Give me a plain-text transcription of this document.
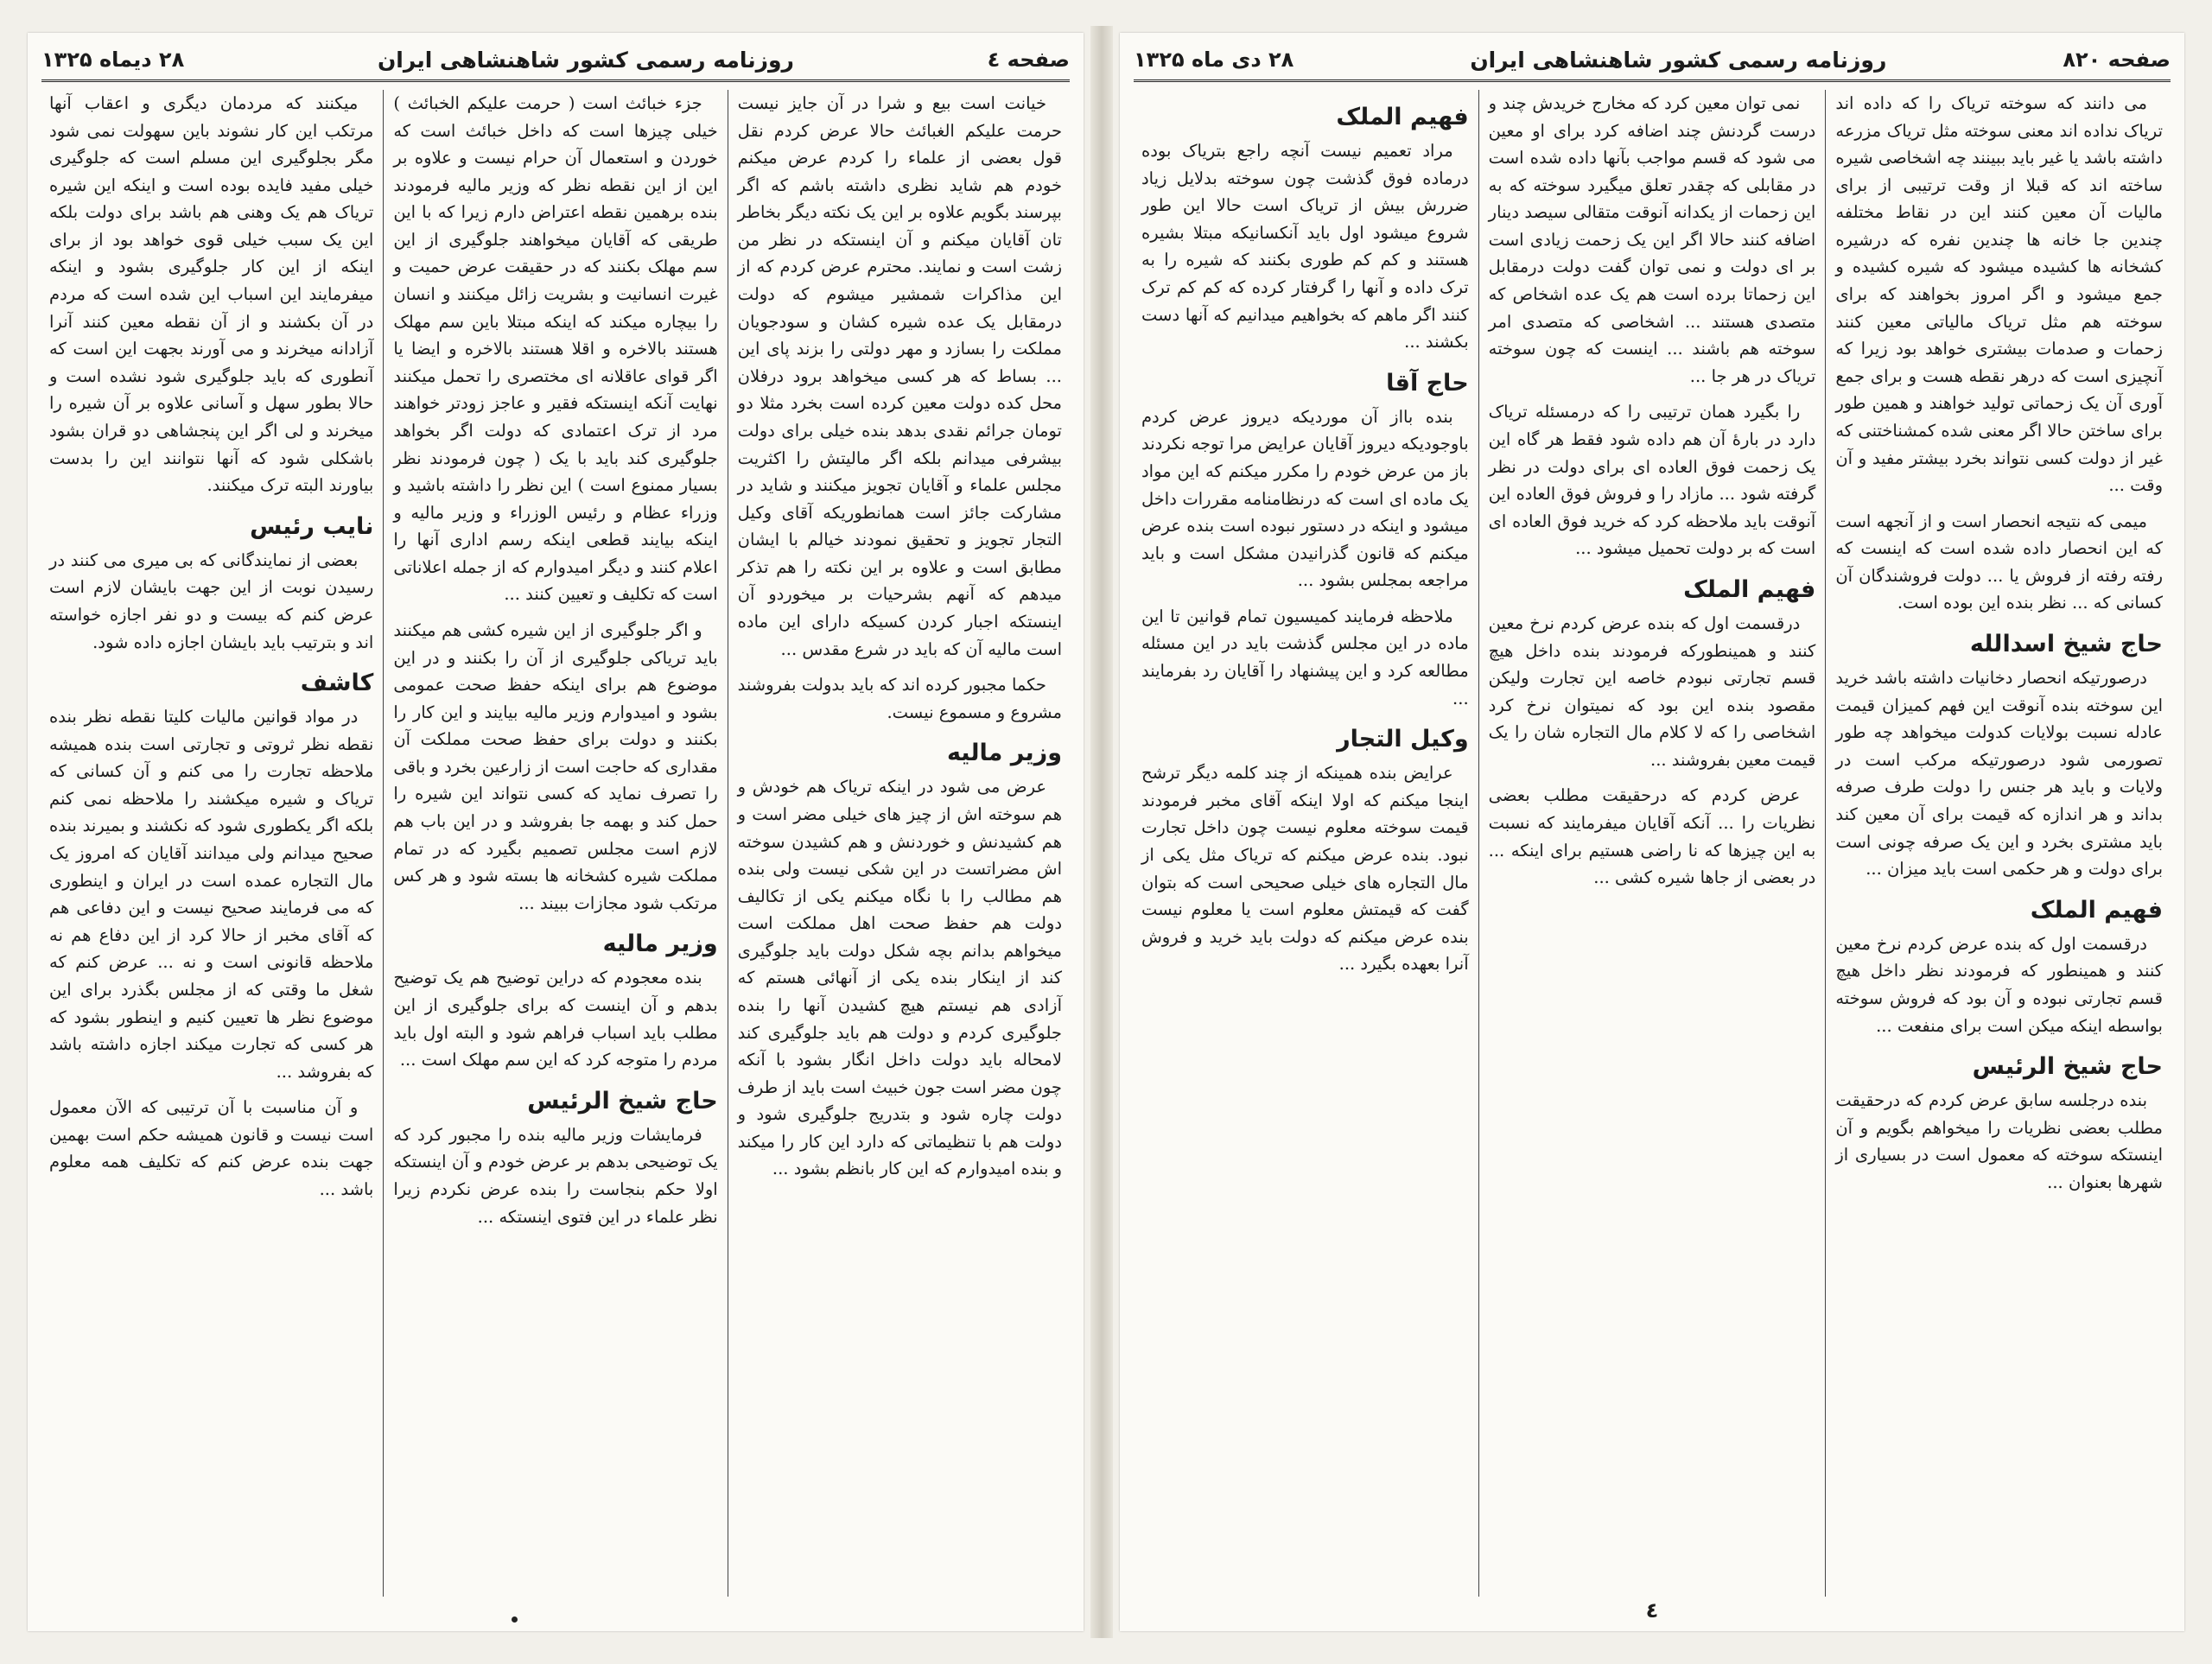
صفحه ٤
روزنامه رسمی کشور شاهنشاهی ایران
۲۸ دیماه ۱۳۲۵

خیانت است بیع و شرا در آن جایز نیست حرمت علیکم الغبائث حالا عرض کردم نقل قول بعضی از علماء را کردم عرض میکنم خودم هم شاید نظری داشته باشم که اگر بپرسند بگویم علاوه بر این یک نکته دیگر بخاطر تان آقایان میکنم و آن اینستکه در نظر من زشت است و نمایند. محترم عرض کردم که از این مذاکرات شمشیر میشوم که دولت درمقابل یک عده شیره کشان و سودجویان مملکت را بسازد و مهر دولتی را بزند پای این ... بساط که هر کسی میخواهد برود درفلان محل کده دولت معین کرده است بخرد مثلا دو تومان جرائم نقدی بدهد بنده خیلی برای دولت بیشرفی میدانم بلکه اگر مالیتش را اکثریت مجلس علماء و آقایان تجویز میکنند و شاید در مشارکت جائز است همانطوریکه آقای وکیل التجار تجویز و تحقیق نمودند خیالم با ایشان مطابق است و علاوه بر این نکته را هم تذکر میدهم که آنهم بشرحیات بر میخوردو آن اینستکه اجبار کردن کسیکه دارای این ماده است مالیه آن که باید در شرع مقدس ...

حکما مجبور کرده اند که باید بدولت بفروشند مشروع و مسموع نیست.

وزیر مالیه

عرض می شود در اینکه تریاک هم خودش و هم سوخته اش از چیز های خیلی مضر است و هم کشیدنش و خوردنش و هم کشیدن سوخته اش مضراتست در این شکی نیست ولی بنده هم مطالب را با نگاه میکنم یکی از تکالیف دولت هم حفظ صحت اهل مملکت است میخواهم بدانم بچه شکل دولت باید جلوگیری کند از اینکار بنده یکی از آنهائی هستم که آزادی هم نیستم هیچ کشیدن آنها را بنده جلوگیری کردم و دولت هم باید جلوگیری کند لامحاله باید دولت داخل انگار بشود با آنکه چون مضر است جون خبیث است باید از طرف دولت چاره شود و بتدریج جلوگیری شود و دولت هم با تنظیماتی که دارد این کار را میکند و بنده امیدوارم که این کار بانظم بشود ...

جزء خبائث است ( حرمت علیکم الخبائث ) خیلی چیزها است که داخل خبائث است که خوردن و استعمال آن حرام نیست و علاوه بر این از این نقطه نظر که وزیر مالیه فرمودند بنده برهمین نقطه اعتراض دارم زیرا که با این طریقی که آقایان میخواهند جلوگیری از این سم مهلک بکنند که در حقیقت عرض حمیت و غیرت انسانیت و بشریت زائل میکنند و انسان را بیچاره میکند که اینکه مبتلا باین سم مهلک هستند بالاخره و اقلا هستند بالاخره و ایضا یا اگر قوای عاقلانه ای مختصری را تحمل میکنند نهایت آنکه اینستکه فقیر و عاجز زودتر خواهند مرد از ترک اعتمادی که دولت اگر بخواهد جلوگیری کند باید با یک ( چون فرمودند نظر بسیار ممنوع است ) این نظر را داشته باشید و وزراء عظام و رئیس الوزراء و وزیر مالیه و اینکه بیایند قطعی اینکه رسم اداری آنها را اعلام کنند و دیگر امیدوارم که از جمله اعلاناتی است که تکلیف و تعیین کنند ...

و اگر جلوگیری از این شیره کشی هم میکنند باید تریاکی جلوگیری از آن را بکنند و در این موضوع هم برای اینکه حفظ صحت عمومی بشود و امیدوارم وزیر مالیه بیایند و این کار را بکنند و دولت برای حفظ صحت مملکت آن مقداری که حاجت است از زارعین بخرد و باقی را تصرف نماید که کسی نتواند این شیره را حمل کند و بهمه جا بفروشد و در این باب هم لازم است مجلس تصمیم بگیرد که در تمام مملکت شیره کشخانه ها بسته شود و هر کس مرتکب شود مجازات ببیند ...

وزیر مالیه

بنده معجودم که دراین توضیح هم یک توضیح بدهم و آن اینست که برای جلوگیری از این مطلب باید اسباب فراهم شود و البته اول باید مردم را متوجه کرد که این سم مهلک است ...

حاج شیخ الرئیس

فرمایشات وزیر مالیه بنده را مجبور کرد که یک توضیحی بدهم بر عرض خودم و آن اینستکه اولا حکم بنجاست را بنده عرض نکردم زیرا نظر علماء در این فتوی اینستکه ...

میکنند که مردمان دیگری و اعقاب آنها مرتکب این کار نشوند باین سهولت نمی شود مگر بجلوگیری این مسلم است که جلوگیری خیلی مفید فایده بوده است و اینکه این شیره تریاک هم یک وهنی هم باشد برای دولت بلکه این یک سبب خیلی قوی خواهد بود از برای اینکه از این کار جلوگیری بشود و اینکه میفرمایند این اسباب این شده است که مردم در آن بکشند و از آن نقطه معین کنند آنرا آزادانه میخرند و می آورند بجهت این است که آنطوری که باید جلوگیری شود نشده است و حالا بطور سهل و آسانی علاوه بر آن شیره را میخرند و لی اگر این پنجشاهی دو قران بشود باشکلی شود که آنها نتوانند این را بدست بیاورند البته ترک میکنند.

نایب رئیس

بعضی از نمایندگانی که بی میری می کنند در رسیدن نوبت از این جهت بایشان لازم است عرض کنم که بیست و دو نفر اجازه خواسته اند و بترتیب باید بایشان اجازه داده شود.

کاشف

در مواد قوانین مالیات کلیتا نقطه نظر بنده نقطه نظر ثروتی و تجارتی است بنده همیشه ملاحظه تجارت را می کنم و آن کسانی که تریاک و شیره میکشند را ملاحظه نمی کنم بلکه اگر یکطوری شود که نکشند و بمیرند بنده صحیح میدانم ولی میدانند آقایان که امروز یک مال التجاره عمده است در ایران و اینطوری که می فرمایند صحیح نیست و این دفاعی هم که آقای مخبر از حالا کرد از این دفاع هم نه ملاحظه قانونی است و نه ... عرض کنم که شغل ما وقتی که از مجلس بگذرد برای این موضوع نظر ها تعیین کنیم و اینطور بشود که هر کسی که تجارت میکند اجازه داشته باشد که بفروشد ...

و آن مناسبت با آن ترتیبی که الآن معمول است نیست و قانون همیشه حکم است بهمین جهت بنده عرض کنم که تکلیف همه معلوم باشد ...

صفحه ۸۲۰
روزنامه رسمی کشور شاهنشاهی ایران
۲۸ دی ماه ۱۳۲۵

می دانند که سوخته تریاک را که داده اند تریاک نداده اند معنی سوخته مثل تریاک مزرعه داشته باشد یا غیر باید ببینند چه اشخاصی شیره ساخته اند که قبلا از وقت ترتیبی از برای مالیات آن معین کنند این در نقاط مختلفه چندین جا خانه ها چندین نفره که درشیره کشخانه ها کشیده میشود که شیره کشیده و جمع میشود و اگر امروز بخواهند که برای سوخته هم مثل تریاک مالیاتی معین کنند زحمات و صدمات بیشتری خواهد بود زیرا که آنچیزی است که درهر نقطه هست و برای جمع آوری آن یک زحماتی تولید خواهند و همین طور برای ساختن حالا اگر معنی شده کمشناختنی که غیر از دولت کسی نتواند بخرد بیشتر مفید و آن وقت ...

میمی که نتیجه انحصار است و از آنجهه است که این انحصار داده شده است که اینست که رفته رفته از فروش یا ... دولت فروشندگان آن کسانی که ... نظر بنده این بوده است.

حاج شیخ اسدالله

درصورتیکه انحصار دخانیات داشته باشد خرید این سوخته بنده آنوقت این فهم کمیزان قیمت عادله نسبت بولایات کدولت میخواهد چه طور تصورمی شود درصورتیکه مرکب است در ولایات و باید هر جنس را دولت طرف صرفه بداند و هر اندازه که قیمت برای آن معین کند باید مشتری بخرد و این یک صرفه چونی است برای دولت و هر حکمی است باید میزان ...

فهیم الملک

درقسمت اول که بنده عرض کردم نرخ معین کنند و همینطور که فرمودند نظر داخل هیچ قسم تجارتی نبوده و آن بود که فروش سوخته بواسطه اینکه میکن است برای منفعت ...

حاج شیخ الرئیس

بنده درجلسه سابق عرض کردم که درحقیقت مطلب بعضی نظریات را میخواهم بگویم و آن اینستکه سوخته که معمول است در بسیاری از شهرها بعنوان ...

نمی توان معین کرد که مخارج خریدش چند و درست گردنش چند اضافه کرد برای او معین می شود که قسم مواجب بآنها داده شده است در مقابلی که چقدر تعلق میگیرد سوخته که به این زحمات از یکدانه آنوقت متقالی سیصد دینار اضافه کنند حالا اگر این یک زحمت زیادی است بر ای دولت و نمی توان گفت دولت درمقابل این زحماتا برده است هم یک عده اشخاص که متصدی هستند ... اشخاصی که متصدی امر سوخته هم باشند ... اینست که چون سوخته تریاک در هر جا ...

را بگیرد همان ترتیبی را که درمسئله تریاک دارد در بارهٔ آن هم داده شود فقط هر گاه این یک زحمت فوق العاده ای برای دولت در نظر گرفته شود ... مازاد را و فروش فوق العاده این آنوقت باید ملاحظه کرد که خرید فوق العاده ای است که بر دولت تحمیل میشود ...

فهیم الملک

درقسمت اول که بنده عرض کردم نرخ معین کنند و همینطورکه فرمودند بنده داخل هیچ قسم تجارتی نبودم خاصه این تجارت ولیکن مقصود بنده این بود که نمیتوان نرخ کرد اشخاصی را که لا کلام مال التجاره شان را یک قیمت معین بفروشند ...

عرض کردم که درحقیقت مطلب بعضی نظریات را ... آنکه آقایان میفرمایند که نسبت به این چیزها که نا راضی هستیم برای اینکه ... در بعضی از جاها شیره کشی ...

فهیم الملک

مراد تعمیم نیست آنچه راجع بتریاک بوده درماده فوق گذشت چون سوخته بدلایل زیاد ضررش بیش از تریاک است حالا این طور شروع میشود اول باید آنکسانیکه مبتلا بشیره هستند و کم کم طوری بکنند که شیره را به ترک داده و آنها را گرفتار کرده که کم کم ترک کنند اگر ماهم که بخواهیم میدانیم که آنها دست بکشند ...

حاج آقا

بنده بااز آن موردیکه دیروز عرض کردم باوجودیکه دیروز آقایان عرایض مرا توجه نکردند باز من عرض خودم را مکرر میکنم که این مواد یک ماده ای است که درنظامنامه مقررات داخل میشود و اینکه در دستور نبوده است بنده عرض میکنم که قانون گذرانیدن مشکل است و باید مراجعه بمجلس بشود ...

ملاحظه فرمایند کمیسیون تمام قوانین تا این ماده در این مجلس گذشت باید در این مسئله مطالعه کرد و این پیشنهاد را آقایان رد بفرمایند ...

وکیل التجار

عرایض بنده همینکه از چند کلمه دیگر ترشح اینجا میکنم که اولا اینکه آقای مخبر فرمودند قیمت سوخته معلوم نیست چون داخل تجارت نبود. بنده عرض میکنم که تریاک مثل یکی از مال التجاره های خیلی صحیحی است که بتوان گفت که قیمتش معلوم است یا معلوم نیست بنده عرض میکنم که دولت باید خرید و فروش آنرا بعهده بگیرد ...

٤
